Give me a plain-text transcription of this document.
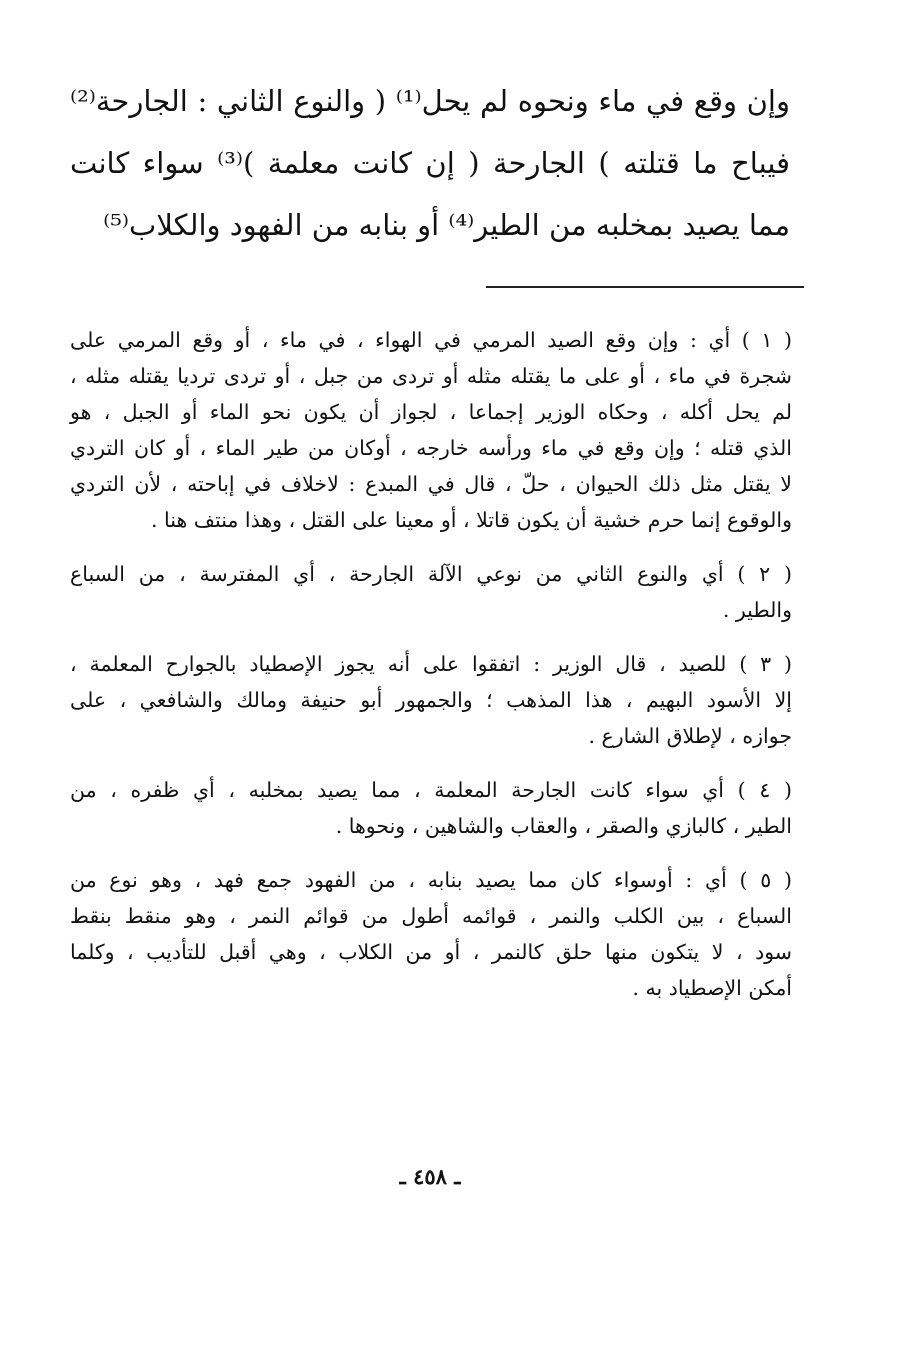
وإن وقع في ماء ونحوه لم يحل⁽¹⁾ ( والنوع الثاني : الجارحة⁽²⁾
فيباح ما قتلته ) الجارحة ( إن كانت معلمة )⁽³⁾ سواء كانت
مما يصيد بمخلبه من الطير⁽⁴⁾ أو بنابه من الفهود والكلاب⁽⁵⁾
( ١ ) أي : وإن وقع الصيد المرمي في الهواء ، في ماء ، أو وقع المرمي على
شجرة في ماء ، أو على ما يقتله مثله أو تردى من جبل ، أو تردى ترديا يقتله مثله ،
لم يحل أكله ، وحكاه الوزير إجماعا ، لجواز أن يكون نحو الماء أو الجبل ، هو
الذي قتله ؛ وإن وقع في ماء ورأسه خارجه ، أوكان من طير الماء ، أو كان التردي
لا يقتل مثل ذلك الحيوان ، حلّ ، قال في المبدع : لاخلاف في إباحته ، لأن التردي
والوقوع إنما حرم خشية أن يكون قاتلا ، أو معينا على القتل ، وهذا منتف هنا .
( ٢ ) أي والنوع الثاني من نوعي الآلة الجارحة ، أي المفترسة ، من السباع
والطير .
( ٣ ) للصيد ، قال الوزير : اتفقوا على أنه يجوز الإصطياد بالجوارح المعلمة ،
إلا الأسود البهيم ، هذا المذهب ؛ والجمهور أبو حنيفة ومالك والشافعي ، على
جوازه ، لإطلاق الشارع .
( ٤ ) أي سواء كانت الجارحة المعلمة ، مما يصيد بمخلبه ، أي ظفره ، من
الطير ، كالبازي والصقر ، والعقاب والشاهين ، ونحوها .
( ٥ ) أي : أوسواء كان مما يصيد بنابه ، من الفهود جمع فهد ، وهو نوع من
السباع ، بين الكلب والنمر ، قوائمه أطول من قوائم النمر ، وهو منقط بنقط
سود ، لا يتكون منها حلق كالنمر ، أو من الكلاب ، وهي أقبل للتأديب ، وكلما
أمكن الإصطياد به .
ـ ٤٥٨ ـ
